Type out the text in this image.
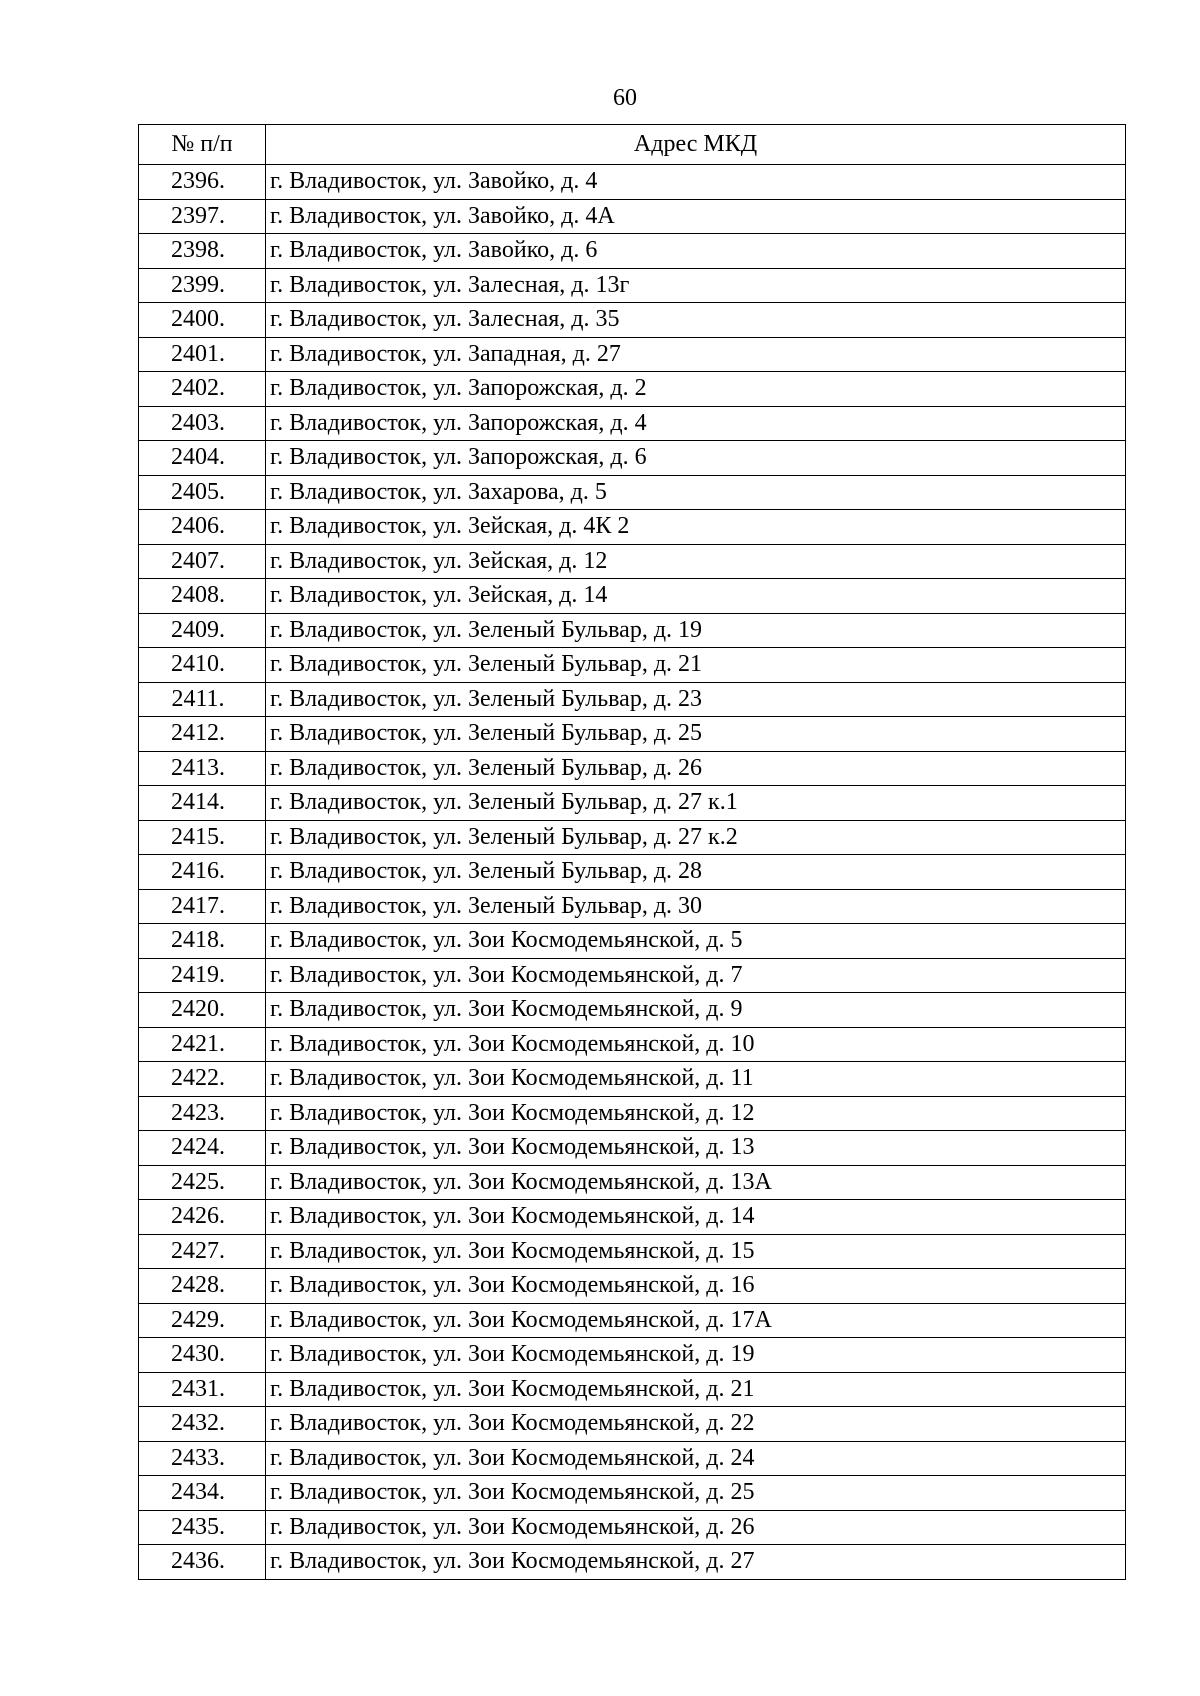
60
№ п/п	Адрес МКД
2396.	г. Владивосток, ул. Завойко, д. 4
2397.	г. Владивосток, ул. Завойко, д. 4А
2398.	г. Владивосток, ул. Завойко, д. 6
2399.	г. Владивосток, ул. Залесная, д. 13г
2400.	г. Владивосток, ул. Залесная, д. 35
2401.	г. Владивосток, ул. Западная, д. 27
2402.	г. Владивосток, ул. Запорожская, д. 2
2403.	г. Владивосток, ул. Запорожская, д. 4
2404.	г. Владивосток, ул. Запорожская, д. 6
2405.	г. Владивосток, ул. Захарова, д. 5
2406.	г. Владивосток, ул. Зейская, д. 4К 2
2407.	г. Владивосток, ул. Зейская, д. 12
2408.	г. Владивосток, ул. Зейская, д. 14
2409.	г. Владивосток, ул. Зеленый Бульвар, д. 19
2410.	г. Владивосток, ул. Зеленый Бульвар, д. 21
2411.	г. Владивосток, ул. Зеленый Бульвар, д. 23
2412.	г. Владивосток, ул. Зеленый Бульвар, д. 25
2413.	г. Владивосток, ул. Зеленый Бульвар, д. 26
2414.	г. Владивосток, ул. Зеленый Бульвар, д. 27 к.1
2415.	г. Владивосток, ул. Зеленый Бульвар, д. 27 к.2
2416.	г. Владивосток, ул. Зеленый Бульвар, д. 28
2417.	г. Владивосток, ул. Зеленый Бульвар, д. 30
2418.	г. Владивосток, ул. Зои Космодемьянской, д. 5
2419.	г. Владивосток, ул. Зои Космодемьянской, д. 7
2420.	г. Владивосток, ул. Зои Космодемьянской, д. 9
2421.	г. Владивосток, ул. Зои Космодемьянской, д. 10
2422.	г. Владивосток, ул. Зои Космодемьянской, д. 11
2423.	г. Владивосток, ул. Зои Космодемьянской, д. 12
2424.	г. Владивосток, ул. Зои Космодемьянской, д. 13
2425.	г. Владивосток, ул. Зои Космодемьянской, д. 13А
2426.	г. Владивосток, ул. Зои Космодемьянской, д. 14
2427.	г. Владивосток, ул. Зои Космодемьянской, д. 15
2428.	г. Владивосток, ул. Зои Космодемьянской, д. 16
2429.	г. Владивосток, ул. Зои Космодемьянской, д. 17А
2430.	г. Владивосток, ул. Зои Космодемьянской, д. 19
2431.	г. Владивосток, ул. Зои Космодемьянской, д. 21
2432.	г. Владивосток, ул. Зои Космодемьянской, д. 22
2433.	г. Владивосток, ул. Зои Космодемьянской, д. 24
2434.	г. Владивосток, ул. Зои Космодемьянской, д. 25
2435.	г. Владивосток, ул. Зои Космодемьянской, д. 26
2436.	г. Владивосток, ул. Зои Космодемьянской, д. 27
